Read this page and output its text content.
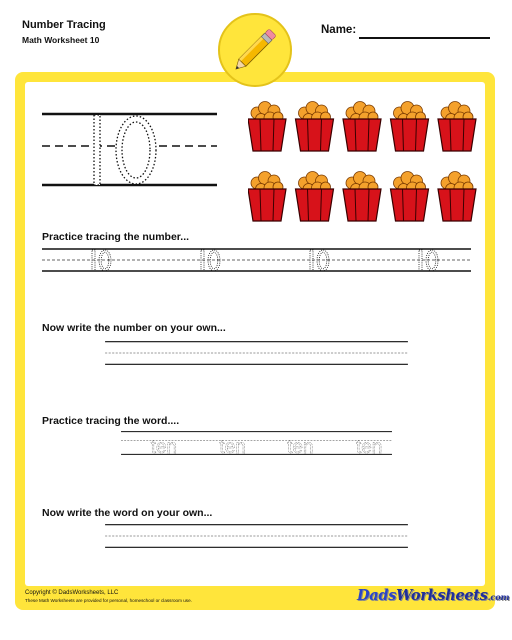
Number Tracing
Math Worksheet 10
Name:
Practice tracing the number...
Now write the number on your own...
Practice tracing the word....
ten ten ten ten
Now write the word on your own...
Copyright © DadsWorksheets, LLC
These Math Worksheets are provided for personal, homeschool or classroom use.	DadsWorksheets.com
